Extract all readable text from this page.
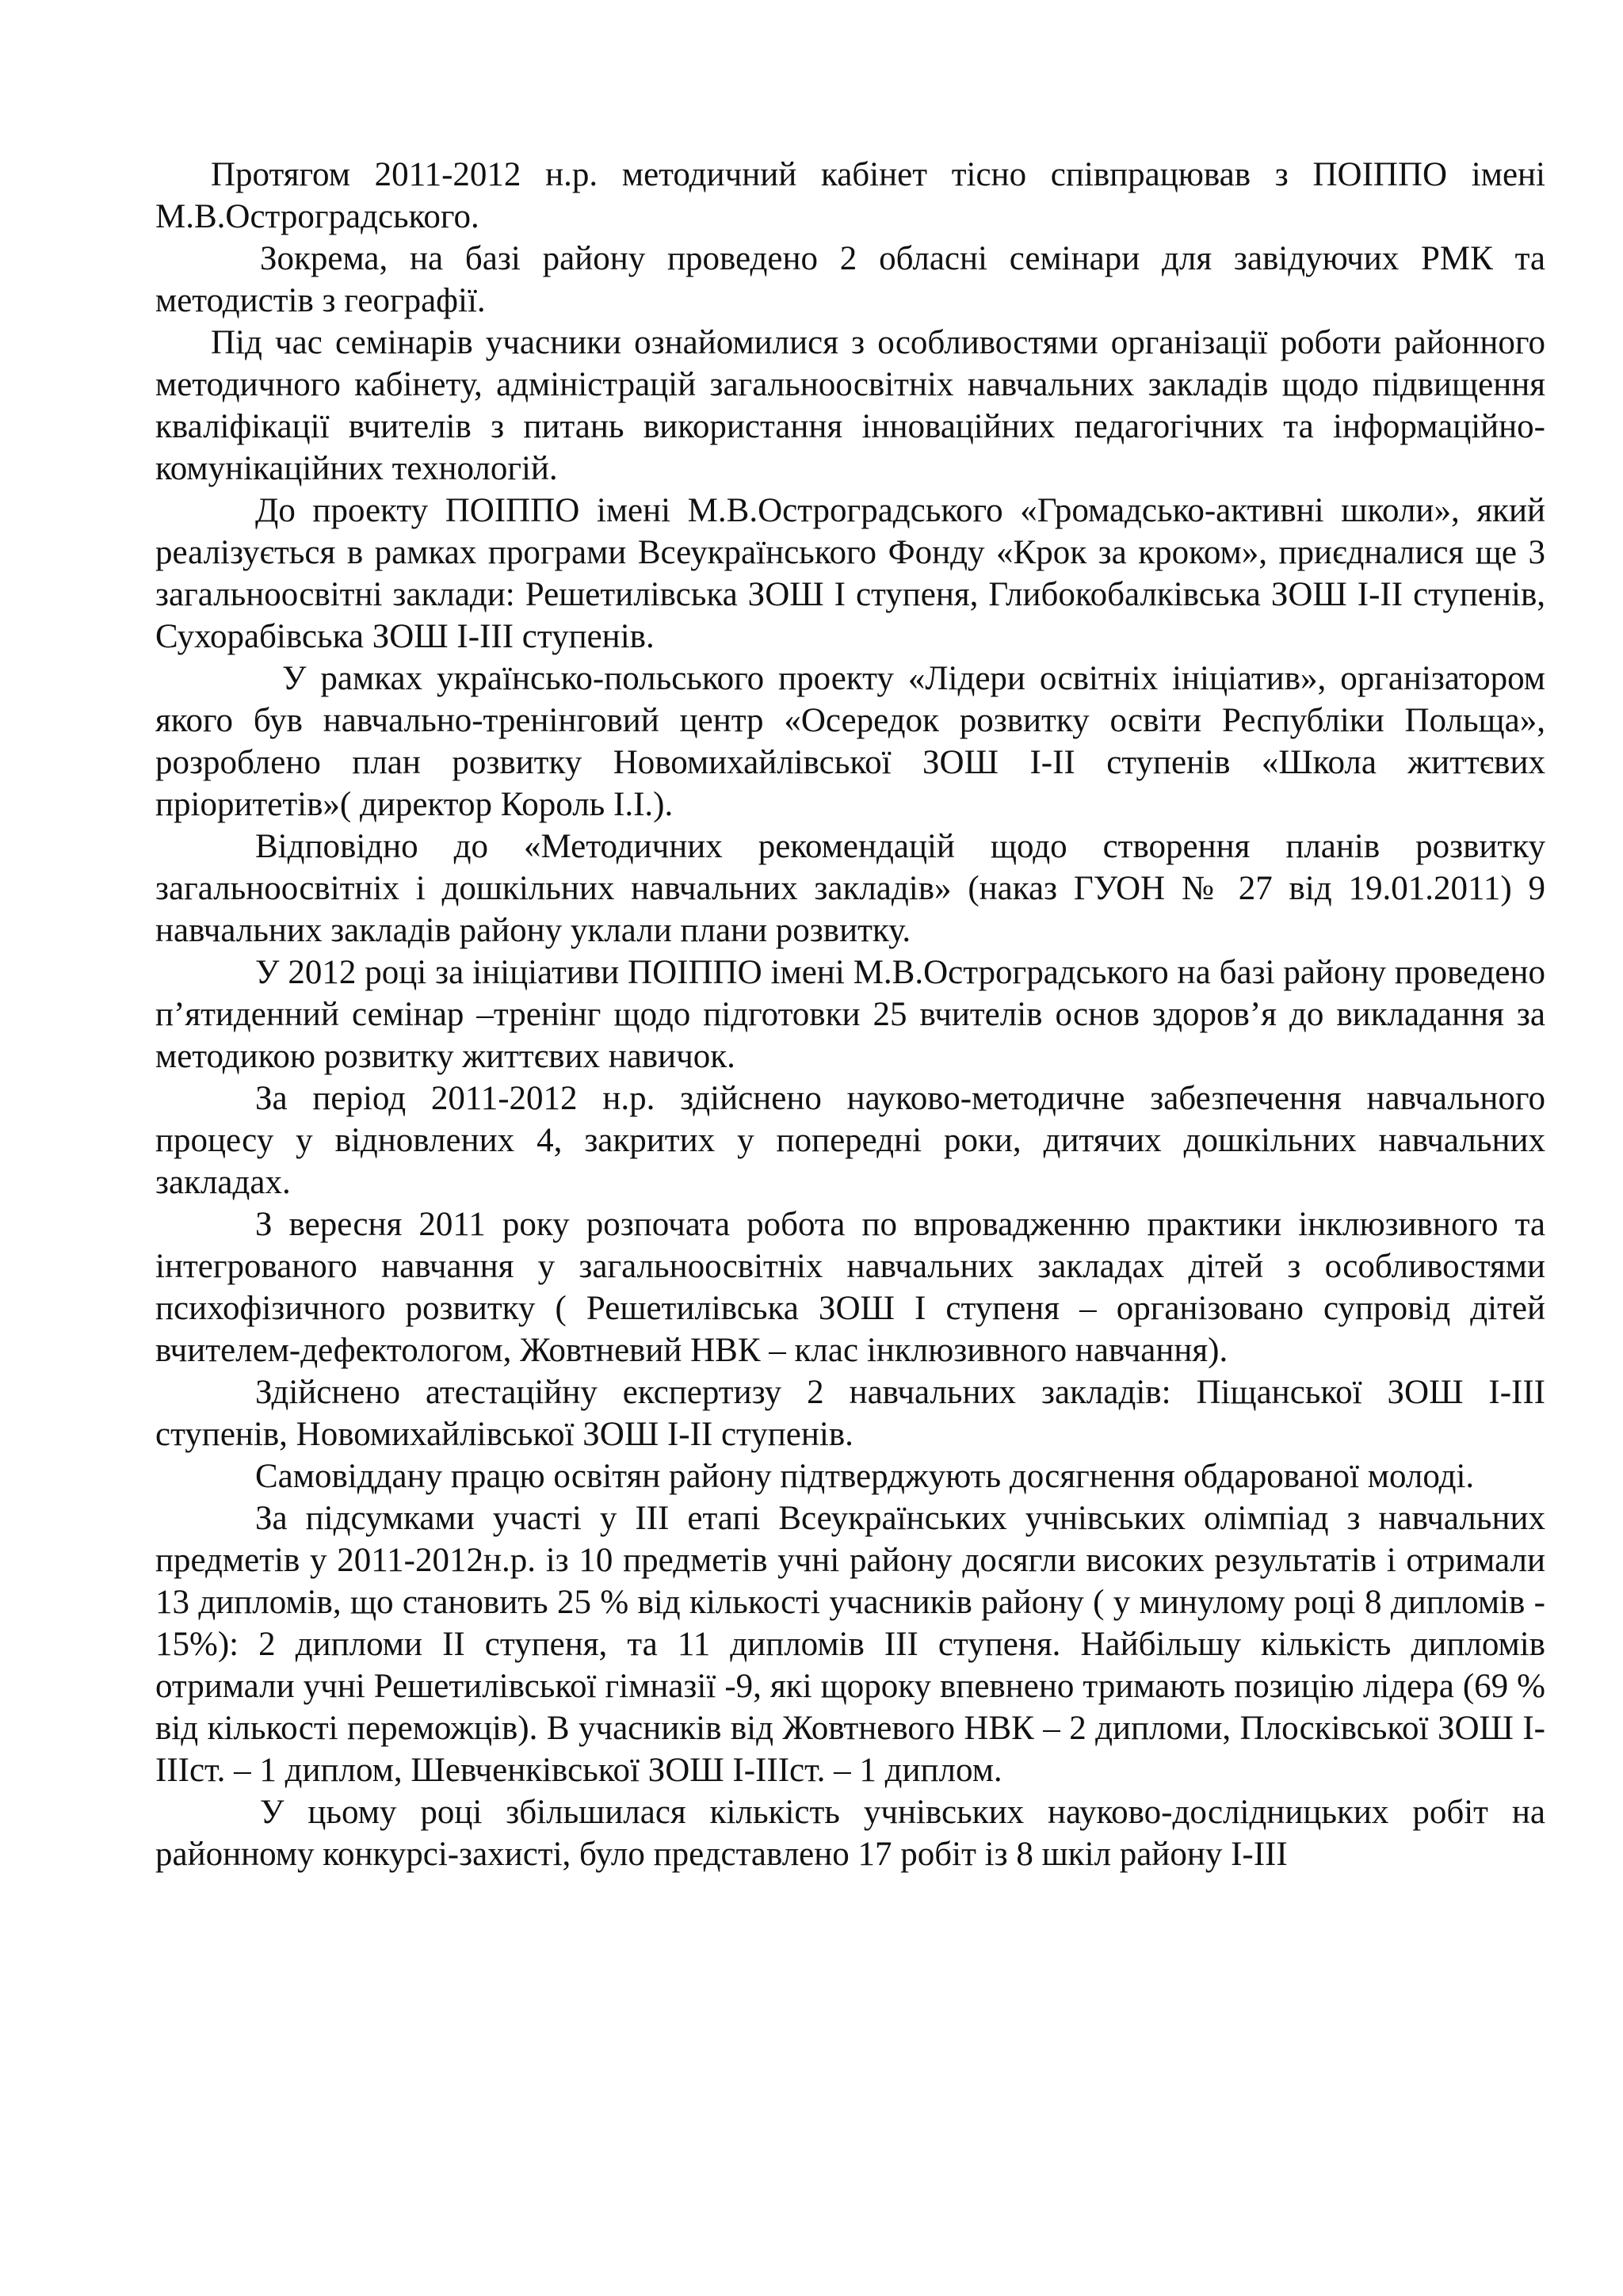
Протягом 2011-2012 н.р. методичний кабінет тісно співпрацював з ПОІППО імені М.В.Остроградського.

Зокрема, на базі району проведено 2 обласні семінари для завідуючих РМК та методистів з географії.

Під час семінарів учасники ознайомилися з особливостями організації роботи районного методичного кабінету, адміністрацій загальноосвітніх навчальних закладів щодо підвищення кваліфікації вчителів з питань використання інноваційних педагогічних та інформаційно-комунікаційних технологій.

До проекту ПОІППО імені М.В.Остроградського «Громадсько-активні школи», який реалізується в рамках програми Всеукраїнського Фонду «Крок за кроком», приєдналися ще 3 загальноосвітні заклади: Решетилівська ЗОШ І ступеня, Глибокобалківська ЗОШ І-ІІ ступенів, Сухорабівська ЗОШ І-ІІІ ступенів.

У рамках українсько-польського проекту «Лідери освітніх ініціатив», організатором якого був навчально-тренінговий центр «Осередок розвитку освіти Республіки Польща», розроблено план розвитку Новомихайлівської ЗОШ І-ІІ ступенів «Школа життєвих пріоритетів»( директор Король І.І.).

Відповідно до «Методичних рекомендацій щодо створення планів розвитку загальноосвітніх і дошкільних навчальних закладів» (наказ ГУОН № 27 від 19.01.2011) 9 навчальних закладів району уклали плани розвитку.

У 2012 році за ініціативи ПОІППО імені М.В.Остроградського на базі району проведено п’ятиденний семінар –тренінг щодо підготовки 25 вчителів основ здоров’я до викладання за методикою розвитку життєвих навичок.

За період 2011-2012 н.р. здійснено науково-методичне забезпечення навчального процесу у відновлених 4, закритих у попередні роки, дитячих дошкільних навчальних закладах.

З вересня 2011 року розпочата робота по впровадженню практики інклюзивного та інтегрованого навчання у загальноосвітніх навчальних закладах дітей з особливостями психофізичного розвитку ( Решетилівська ЗОШ І ступеня – організовано супровід дітей вчителем-дефектологом, Жовтневий НВК – клас інклюзивного навчання).

Здійснено атестаційну експертизу 2 навчальних закладів: Піщанської ЗОШ І-ІІІ ступенів, Новомихайлівської ЗОШ І-ІІ ступенів.

Самовіддану працю освітян району підтверджують досягнення обдарованої молоді.

За підсумками участі у ІІІ етапі Всеукраїнських учнівських олімпіад з навчальних предметів у 2011-2012н.р. із 10 предметів учні району досягли високих результатів і отримали 13 дипломів, що становить 25 % від кількості учасників району ( у минулому році 8 дипломів - 15%): 2 дипломи ІІ ступеня, та 11 дипломів ІІІ ступеня. Найбільшу кількість дипломів отримали учні Решетилівської гімназії -9, які щороку впевнено тримають позицію лідера (69 % від кількості переможців). В учасників від Жовтневого НВК – 2 дипломи, Плосківської ЗОШ І-ІІІст. – 1 диплом, Шевченківської ЗОШ І-ІІІст. – 1 диплом.

У цьому році збільшилася кількість учнівських науково-дослідницьких робіт на районному конкурсі-захисті, було представлено 17 робіт із 8 шкіл району І-ІІІ
